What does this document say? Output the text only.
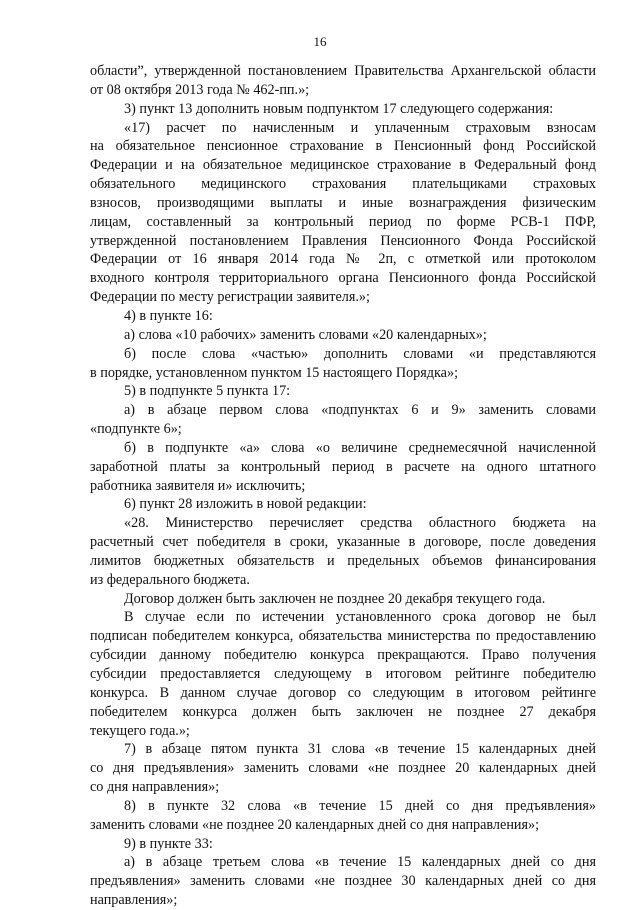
16
области”, утвержденной постановлением Правительства Архангельской области
от 08 октября 2013 года № 462-пп.»;
3) пункт 13 дополнить новым подпунктом 17 следующего содержания:
«17) расчет по начисленным и уплаченным страховым взносам
на обязательное пенсионное страхование в Пенсионный фонд Российской
Федерации и на обязательное медицинское страхование в Федеральный фонд
обязательного медицинского страхования плательщиками страховых
взносов, производящими выплаты и иные вознаграждения физическим
лицам, составленный за контрольный период по форме РСВ-1 ПФР,
утвержденной постановлением Правления Пенсионного Фонда Российской
Федерации от 16 января 2014 года № 2п, с отметкой или протоколом
входного контроля территориального органа Пенсионного фонда Российской
Федерации по месту регистрации заявителя.»;
4) в пункте 16:
а) слова «10 рабочих» заменить словами «20 календарных»;
б) после слова «частью» дополнить словами «и представляются
в порядке, установленном пунктом 15 настоящего Порядка»;
5) в подпункте 5 пункта 17:
а) в абзаце первом слова «подпунктах 6 и 9» заменить словами
«подпункте 6»;
б) в подпункте «а» слова «о величине среднемесячной начисленной
заработной платы за контрольный период в расчете на одного штатного
работника заявителя и» исключить;
6) пункт 28 изложить в новой редакции:
«28. Министерство перечисляет средства областного бюджета на
расчетный счет победителя в сроки, указанные в договоре, после доведения
лимитов бюджетных обязательств и предельных объемов финансирования
из федерального бюджета.
Договор должен быть заключен не позднее 20 декабря текущего года.
В случае если по истечении установленного срока договор не был
подписан победителем конкурса, обязательства министерства по предоставлению
субсидии данному победителю конкурса прекращаются. Право получения
субсидии предоставляется следующему в итоговом рейтинге победителю
конкурса. В данном случае договор со следующим в итоговом рейтинге
победителем конкурса должен быть заключен не позднее 27 декабря
текущего года.»;
7) в абзаце пятом пункта 31 слова «в течение 15 календарных дней
со дня предъявления» заменить словами «не позднее 20 календарных дней
со дня направления»;
8) в пункте 32 слова «в течение 15 дней со дня предъявления»
заменить словами «не позднее 20 календарных дней со дня направления»;
9) в пункте 33:
а) в абзаце третьем слова «в течение 15 календарных дней со дня
предъявления» заменить словами «не позднее 30 календарных дней со дня
направления»;
